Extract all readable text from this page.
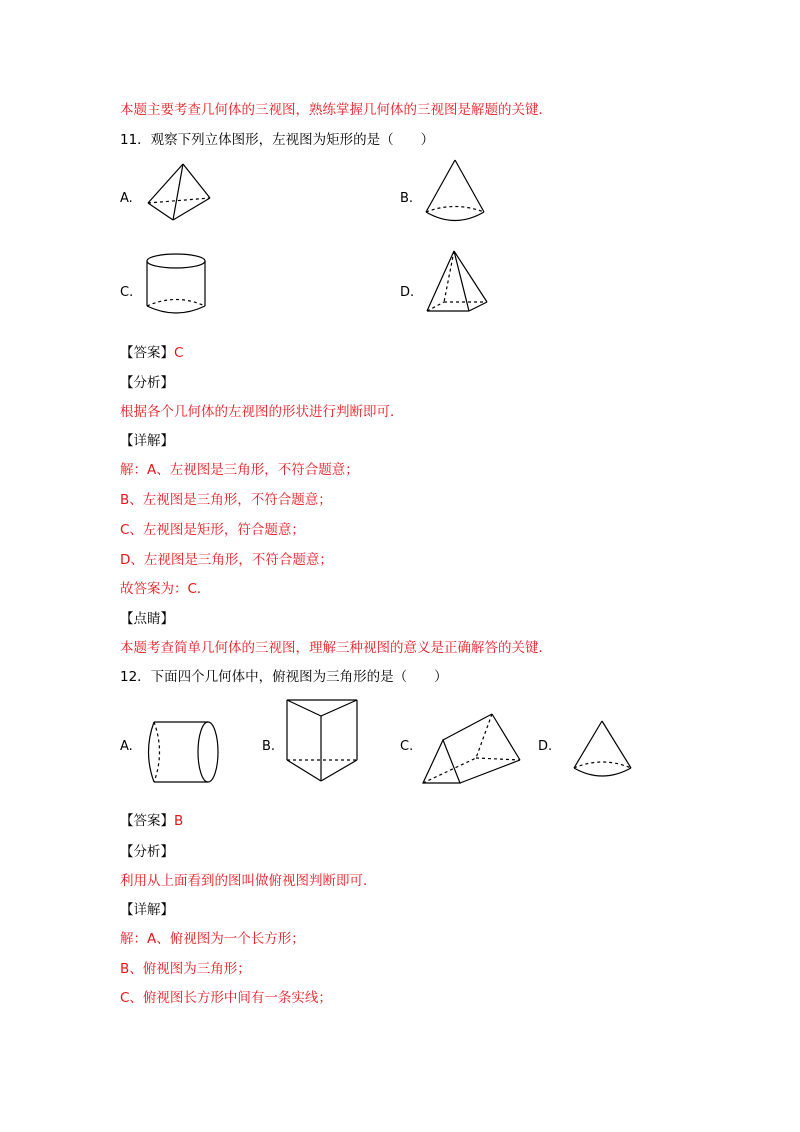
本题主要考查几何体的三视图，熟练掌握几何体的三视图是解题的关键．
11．观察下列立体图形，左视图为矩形的是（　　）
A.	B.
C.	D.
【答案】C
【分析】
根据各个几何体的左视图的形状进行判断即可．
【详解】
解：A、左视图是三角形，不符合题意；
B、左视图是三角形，不符合题意；
C、左视图是矩形，符合题意；
D、左视图是三角形，不符合题意；
故答案为：C．
【点睛】
本题考查简单几何体的三视图，理解三种视图的意义是正确解答的关键．
12．下面四个几何体中，俯视图为三角形的是（　　）
A.	B.	C.	D.
【答案】B
【分析】
利用从上面看到的图叫做俯视图判断即可．
【详解】
解：A、俯视图为一个长方形；
B、俯视图为三角形；
C、俯视图长方形中间有一条实线；
